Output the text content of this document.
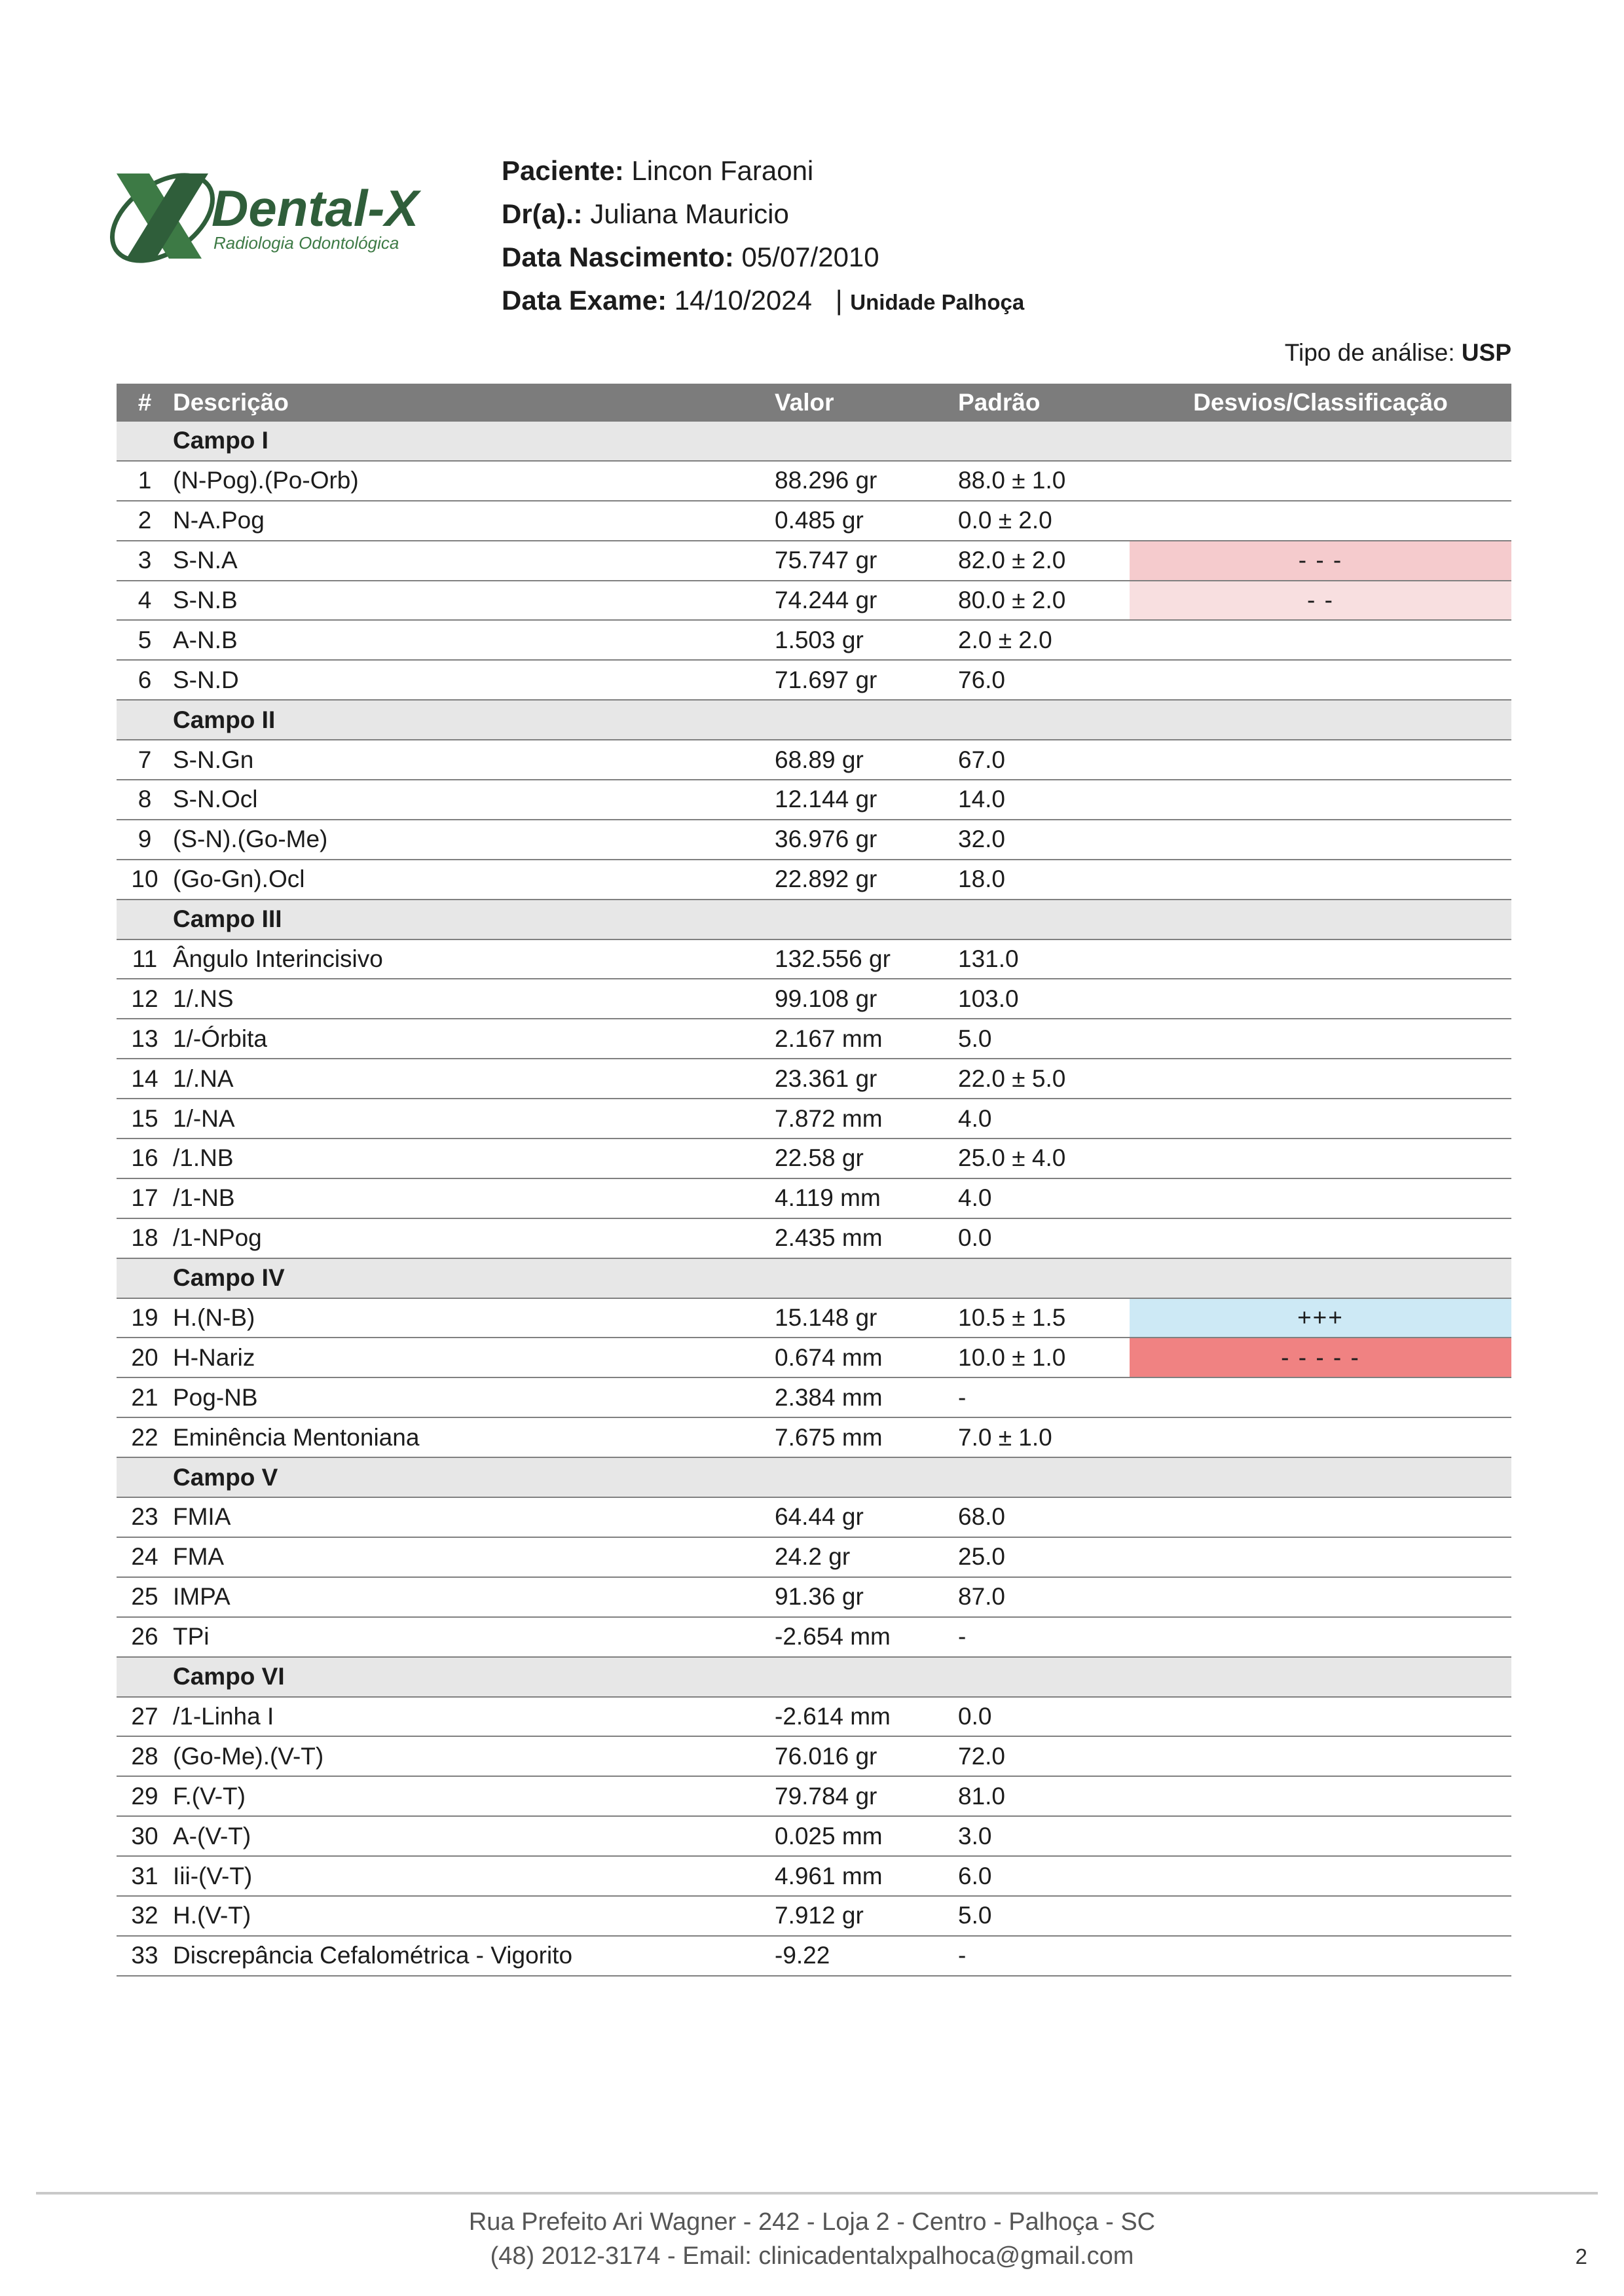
Dental-X
Radiologia Odontológica
Paciente: Lincon Faraoni
Dr(a).: Juliana Mauricio
Data Nascimento: 05/07/2010
Data Exame: 14/10/2024 | Unidade Palhoça
Tipo de análise: USP
#	Descrição	Valor	Padrão	Desvios/Classificação
	Campo I			
1	(N-Pog).(Po-Orb)	88.296 gr	88.0 ± 1.0	
2	N-A.Pog	0.485 gr	0.0 ± 2.0	
3	S-N.A	75.747 gr	82.0 ± 2.0	- - -
4	S-N.B	74.244 gr	80.0 ± 2.0	- -
5	A-N.B	1.503 gr	2.0 ± 2.0	
6	S-N.D	71.697 gr	76.0	
	Campo II			
7	S-N.Gn	68.89 gr	67.0	
8	S-N.Ocl	12.144 gr	14.0	
9	(S-N).(Go-Me)	36.976 gr	32.0	
10	(Go-Gn).Ocl	22.892 gr	18.0	
	Campo III			
11	Ângulo Interincisivo	132.556 gr	131.0	
12	1/.NS	99.108 gr	103.0	
13	1/-Órbita	2.167 mm	5.0	
14	1/.NA	23.361 gr	22.0 ± 5.0	
15	1/-NA	7.872 mm	4.0	
16	/1.NB	22.58 gr	25.0 ± 4.0	
17	/1-NB	4.119 mm	4.0	
18	/1-NPog	2.435 mm	0.0	
	Campo IV			
19	H.(N-B)	15.148 gr	10.5 ± 1.5	+++
20	H-Nariz	0.674 mm	10.0 ± 1.0	- - - - -
21	Pog-NB	2.384 mm	-	
22	Eminência Mentoniana	7.675 mm	7.0 ± 1.0	
	Campo V			
23	FMIA	64.44 gr	68.0	
24	FMA	24.2 gr	25.0	
25	IMPA	91.36 gr	87.0	
26	TPi	-2.654 mm	-	
	Campo VI			
27	/1-Linha I	-2.614 mm	0.0	
28	(Go-Me).(V-T)	76.016 gr	72.0	
29	F.(V-T)	79.784 gr	81.0	
30	A-(V-T)	0.025 mm	3.0	
31	Iii-(V-T)	4.961 mm	6.0	
32	H.(V-T)	7.912 gr	5.0	
33	Discrepância Cefalométrica - Vigorito	-9.22	-	
Rua Prefeito Ari Wagner - 242 - Loja 2 - Centro - Palhoça - SC
(48) 2012-3174 - Email: clinicadentalxpalhoca@gmail.com	2
